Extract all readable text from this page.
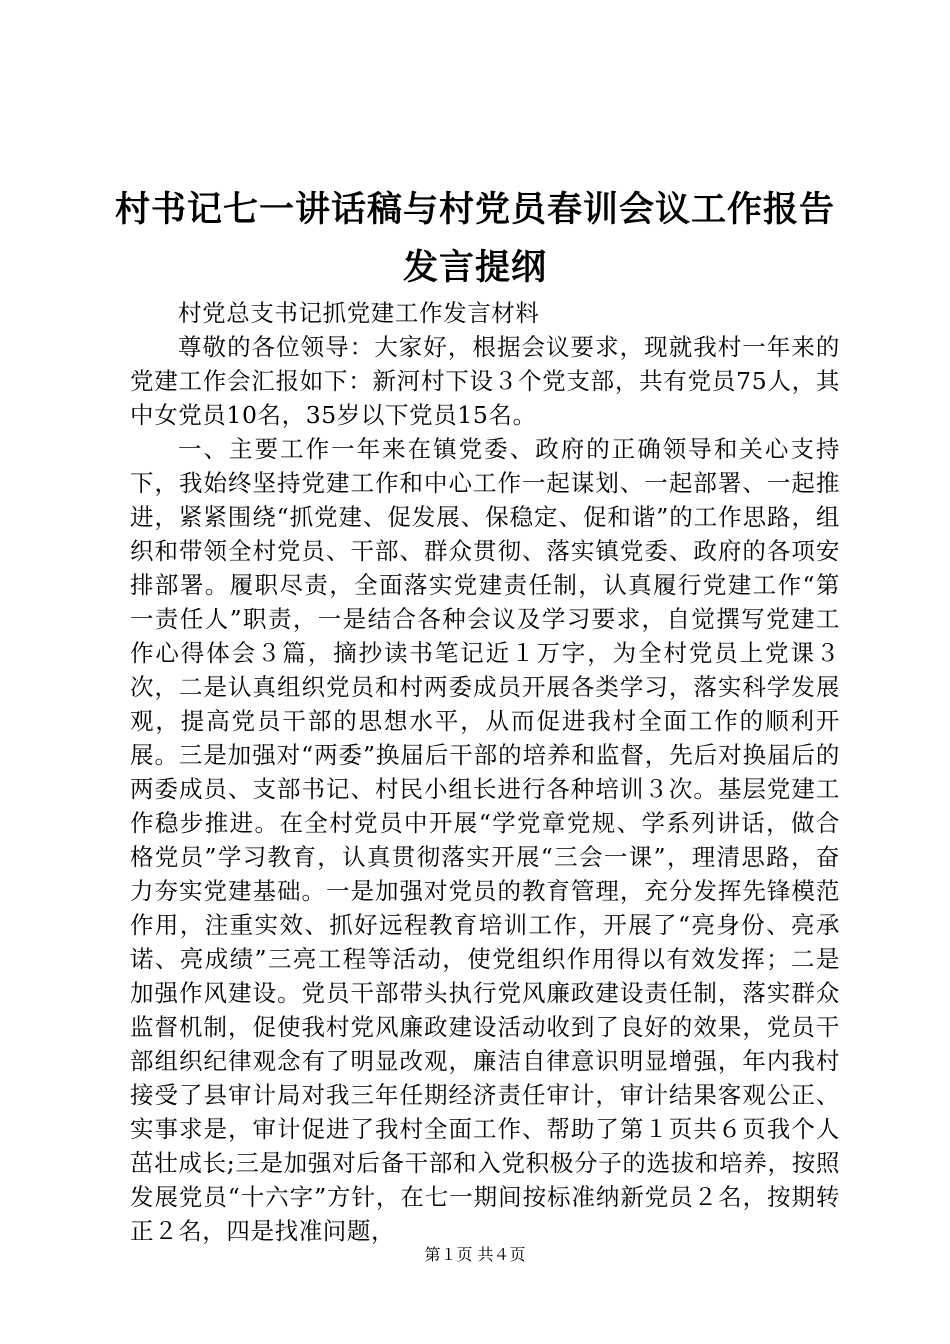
村书记七一讲话稿与村党员春训会议工作报告
发言提纲

村党总支书记抓党建工作发言材料

尊敬的各位领导：大家好，根据会议要求，现就我村一年来的党建工作会汇报如下：新河村下设３个党支部，共有党员75人，其中女党员10名，35岁以下党员15名。

一、主要工作一年来在镇党委、政府的正确领导和关心支持下，我始终坚持党建工作和中心工作一起谋划、一起部署、一起推进，紧紧围绕“抓党建、促发展、保稳定、促和谐”的工作思路，组织和带领全村党员、干部、群众贯彻、落实镇党委、政府的各项安排部署。履职尽责，全面落实党建责任制，认真履行党建工作“第一责任人”职责，一是结合各种会议及学习要求，自觉撰写党建工作心得体会３篇，摘抄读书笔记近１万字，为全村党员上党课３次，二是认真组织党员和村两委成员开展各类学习，落实科学发展观，提高党员干部的思想水平，从而促进我村全面工作的顺利开展。三是加强对“两委”换届后干部的培养和监督，先后对换届后的两委成员、支部书记、村民小组长进行各种培训３次。基层党建工作稳步推进。在全村党员中开展“学党章党规、学系列讲话，做合格党员”学习教育，认真贯彻落实开展“三会一课”，理清思路，奋力夯实党建基础。一是加强对党员的教育管理，充分发挥先锋模范作用，注重实效、抓好远程教育培训工作，开展了“亮身份、亮承诺、亮成绩”三亮工程等活动，使党组织作用得以有效发挥；二是加强作风建设。党员干部带头执行党风廉政建设责任制，落实群众监督机制，促使我村党风廉政建设活动收到了良好的效果，党员干部组织纪律观念有了明显改观，廉洁自律意识明显增强，年内我村接受了县审计局对我三年任期经济责任审计，审计结果客观公正、实事求是，审计促进了我村全面工作、帮助了第１页共６页我个人茁壮成长;三是加强对后备干部和入党积极分子的选拔和培养，按照发展党员“十六字”方针，在七一期间按标准纳新党员２名，按期转正２名，四是找准问题，

第１页 共４页
